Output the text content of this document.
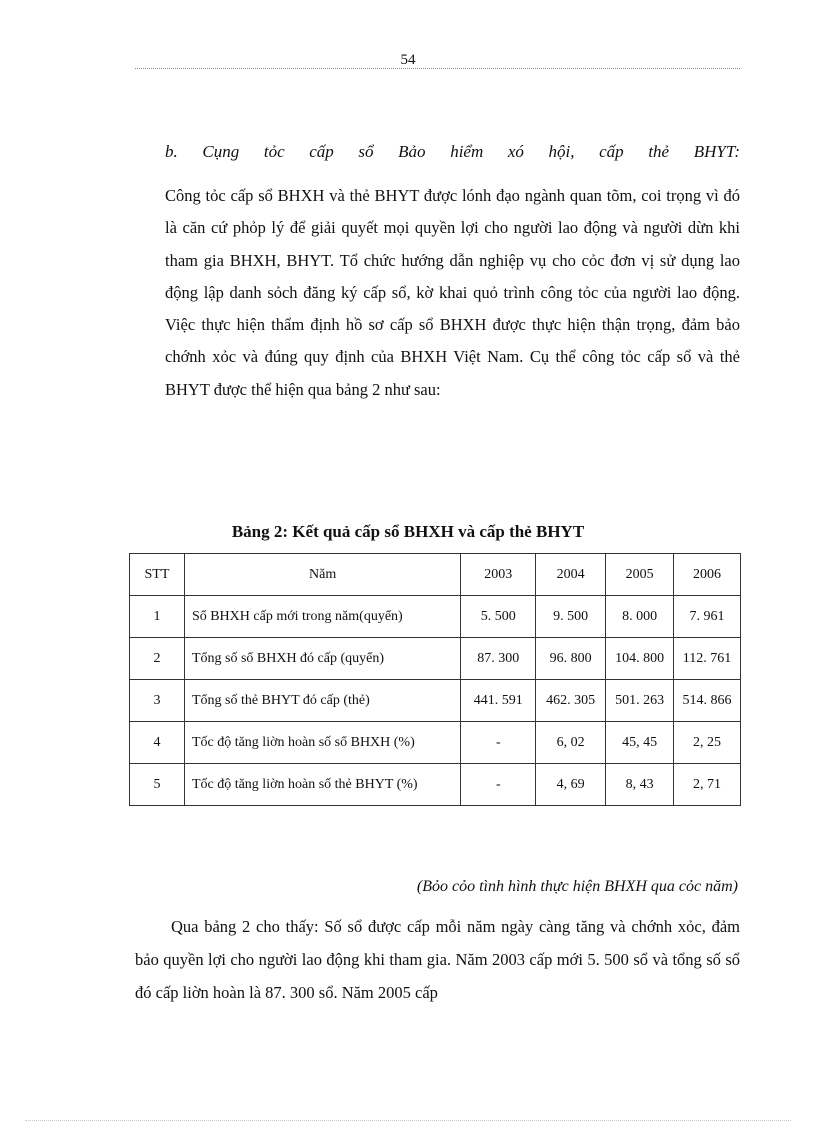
54
b. Cụng tỏc cấp sổ Bảo hiểm xó hội, cấp thẻ BHYT:

Công tỏc cấp sổ BHXH và thẻ BHYT được lónh đạo ngành quan tõm, coi trọng vì đó là căn cứ phỏp lý để giải quyết mọi quyền lợi cho người lao động và người dừn khi tham gia BHXH, BHYT. Tổ chức hướng dẫn nghiệp vụ cho cỏc đơn vị sử dụng lao động lập danh sỏch đăng ký cấp sổ, kờ khai quỏ trình công tỏc của người lao động. Việc thực hiện thẩm định hồ sơ cấp sổ BHXH được thực hiện thận trọng, đảm bảo chớnh xỏc và đúng quy định của BHXH Việt Nam. Cụ thể công tỏc cấp sổ và thẻ BHYT được thể hiện qua bảng 2 như sau:

Bảng 2: Kết quả cấp sổ BHXH và cấp thẻ BHYT
STT	Năm	2003	2004	2005	2006
1	Sổ BHXH cấp mới trong năm(quyển)	5. 500	9. 500	8. 000	7. 961
2	Tổng số sổ BHXH đó cấp (quyển)	87. 300	96. 800	104. 800	112. 761
3	Tổng số thẻ BHYT đó cấp (thẻ)	441. 591	462. 305	501. 263	514. 866
4	Tốc độ tăng liờn hoàn số sổ BHXH (%)	-	6, 02	45, 45	2, 25
5	Tốc độ tăng liờn hoàn số thẻ BHYT (%)	-	4, 69	8, 43	2, 71
(Bỏo cỏo tình hình thực hiện BHXH qua cỏc năm)

Qua bảng 2 cho thấy: Số sổ được cấp mỗi năm ngày càng tăng và chớnh xỏc, đảm bảo quyền lợi cho người lao động khi tham gia. Năm 2003 cấp mới 5. 500 sổ và tổng số sổ đó cấp liờn hoàn là 87. 300 sổ. Năm 2005 cấp
